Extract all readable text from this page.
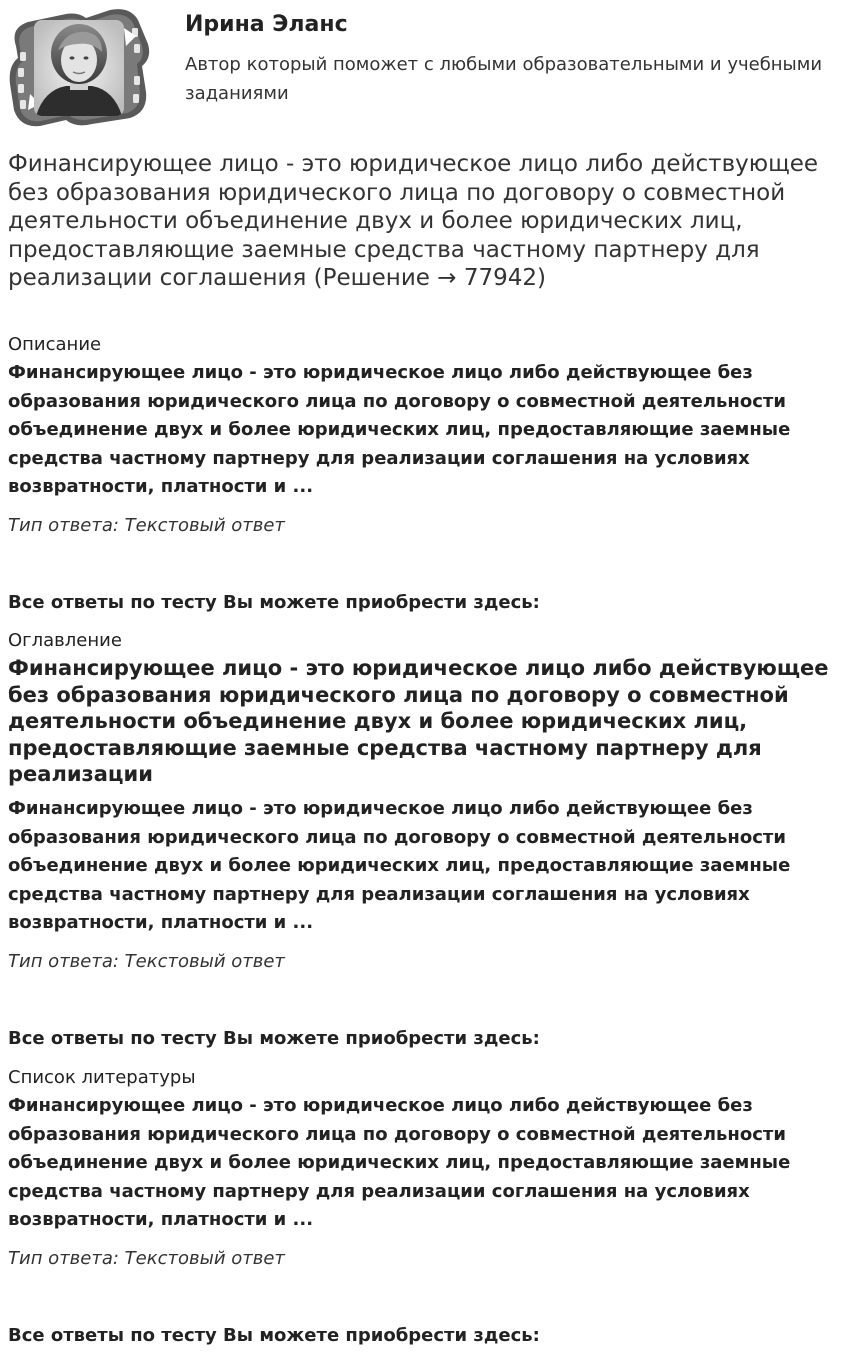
Ирина Эланс
Автор который поможет с любыми образовательными и учебными заданиями
Финансирующее лицо - это юридическое лицо либо действующее без образования юридического лица по договору о совместной деятельности объединение двух и более юридических лиц, предоставляющие заемные средства частному партнеру для реализации соглашения (Решение → 77942)
Описание
Финансирующее лицо - это юридическое лицо либо действующее без образования юридического лица по договору о совместной деятельности объединение двух и более юридических лиц, предоставляющие заемные средства частному партнеру для реализации соглашения на условиях возвратности, платности и ...
Тип ответа: Текстовый ответ
Все ответы по тесту Вы можете приобрести здесь:
Оглавление
Финансирующее лицо - это юридическое лицо либо действующее без образования юридического лица по договору о совместной деятельности объединение двух и более юридических лиц, предоставляющие заемные средства частному партнеру для реализации
Финансирующее лицо - это юридическое лицо либо действующее без образования юридического лица по договору о совместной деятельности объединение двух и более юридических лиц, предоставляющие заемные средства частному партнеру для реализации соглашения на условиях возвратности, платности и ...
Тип ответа: Текстовый ответ
Все ответы по тесту Вы можете приобрести здесь:
Список литературы
Финансирующее лицо - это юридическое лицо либо действующее без образования юридического лица по договору о совместной деятельности объединение двух и более юридических лиц, предоставляющие заемные средства частному партнеру для реализации соглашения на условиях возвратности, платности и ...
Тип ответа: Текстовый ответ
Все ответы по тесту Вы можете приобрести здесь:
